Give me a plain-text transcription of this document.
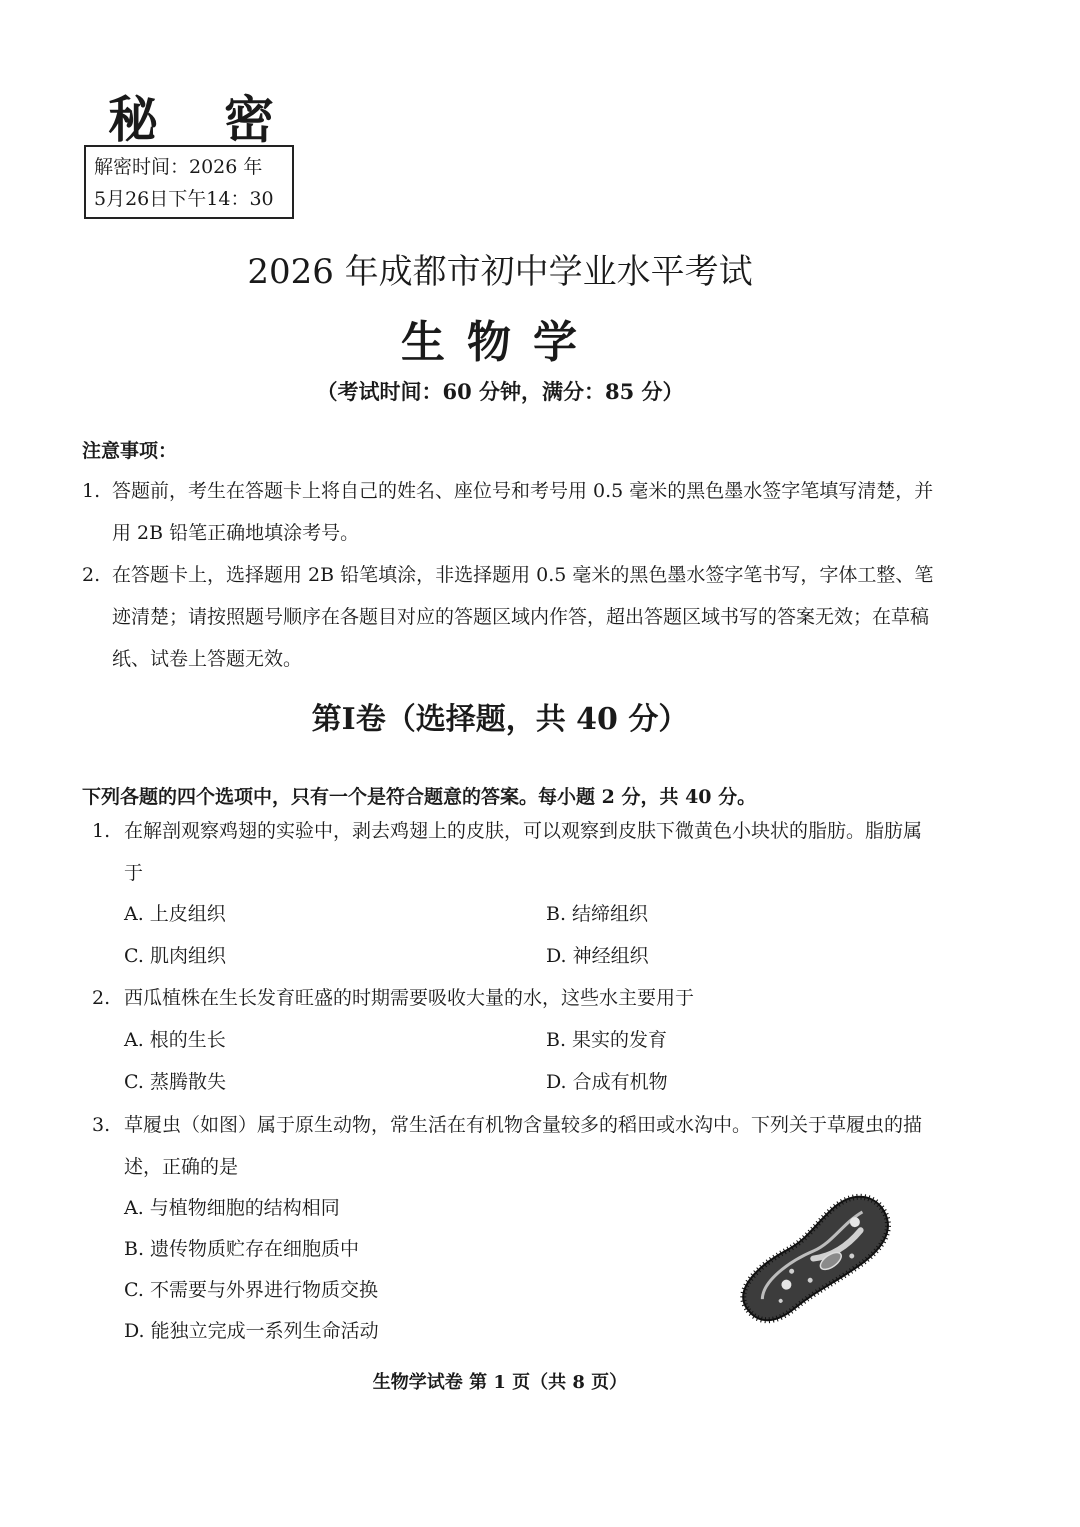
秘密
解密时间：2026 年
5月26日下午14：30
2026 年成都市初中学业水平考试
生物学
（考试时间：60 分钟，满分：85 分）
注意事项：
1. 答题前，考生在答题卡上将自己的姓名、座位号和考号用 0.5 毫米的黑色墨水签字笔填写清楚，并用 2B 铅笔正确地填涂考号。
2. 在答题卡上，选择题用 2B 铅笔填涂，非选择题用 0.5 毫米的黑色墨水签字笔书写，字体工整、笔迹清楚；请按照题号顺序在各题目对应的答题区域内作答，超出答题区域书写的答案无效；在草稿纸、试卷上答题无效。
第Ⅰ卷（选择题，共 40 分）
下列各题的四个选项中，只有一个是符合题意的答案。每小题 2 分，共 40 分。
1. 在解剖观察鸡翅的实验中，剥去鸡翅上的皮肤，可以观察到皮肤下微黄色小块状的脂肪。脂肪属于
A. 上皮组织	B. 结缔组织
C. 肌肉组织	D. 神经组织
2. 西瓜植株在生长发育旺盛的时期需要吸收大量的水，这些水主要用于
A. 根的生长	B. 果实的发育
C. 蒸腾散失	D. 合成有机物
3. 草履虫（如图）属于原生动物，常生活在有机物含量较多的稻田或水沟中。下列关于草履虫的描述，正确的是
A. 与植物细胞的结构相同
B. 遗传物质贮存在细胞质中
C. 不需要与外界进行物质交换
D. 能独立完成一系列生命活动
生物学试卷 第 1 页（共 8 页）
